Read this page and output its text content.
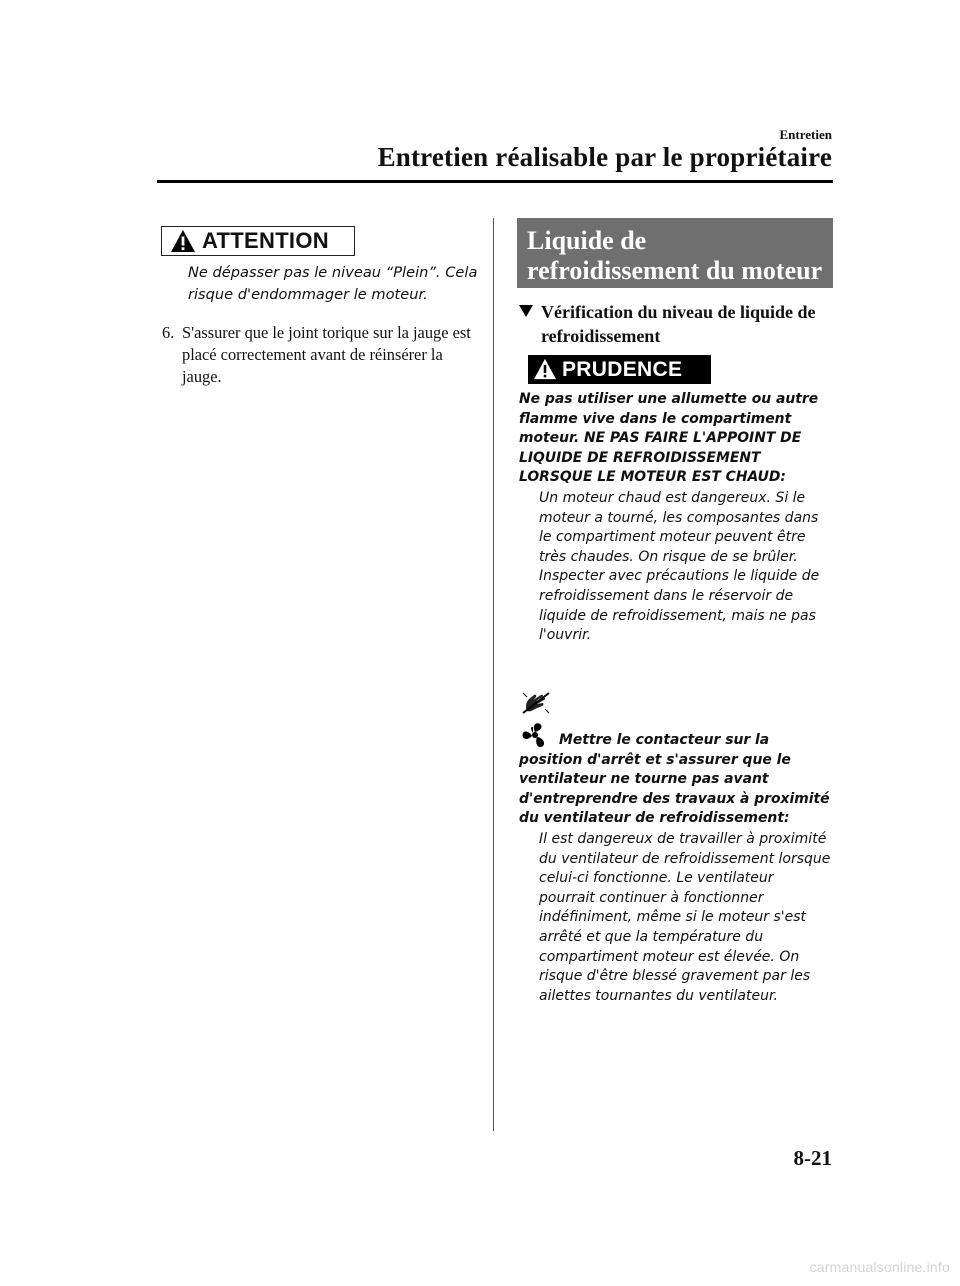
Entretien
Entretien réalisable par le propriétaire
ATTENTION
Ne dépasser pas le niveau “Plein”. Cela risque d'endommager le moteur.
6. S'assurer que le joint torique sur la jauge est placé correctement avant de réinsérer la jauge.
Liquide de refroidissement du moteur
Vérification du niveau de liquide de refroidissement
PRUDENCE
Ne pas utiliser une allumette ou autre flamme vive dans le compartiment moteur. NE PAS FAIRE L'APPOINT DE LIQUIDE DE REFROIDISSEMENT LORSQUE LE MOTEUR EST CHAUD:
Un moteur chaud est dangereux. Si le moteur a tourné, les composantes dans le compartiment moteur peuvent être très chaudes. On risque de se brûler. Inspecter avec précautions le liquide de refroidissement dans le réservoir de liquide de refroidissement, mais ne pas l'ouvrir.
Mettre le contacteur sur la
position d'arrêt et s'assurer que le ventilateur ne tourne pas avant d'entreprendre des travaux à proximité du ventilateur de refroidissement:
Il est dangereux de travailler à proximité du ventilateur de refroidissement lorsque celui-ci fonctionne. Le ventilateur pourrait continuer à fonctionner indéfiniment, même si le moteur s'est arrêté et que la température du compartiment moteur est élevée. On risque d'être blessé gravement par les ailettes tournantes du ventilateur.
8-21
carmanualsonline.info
